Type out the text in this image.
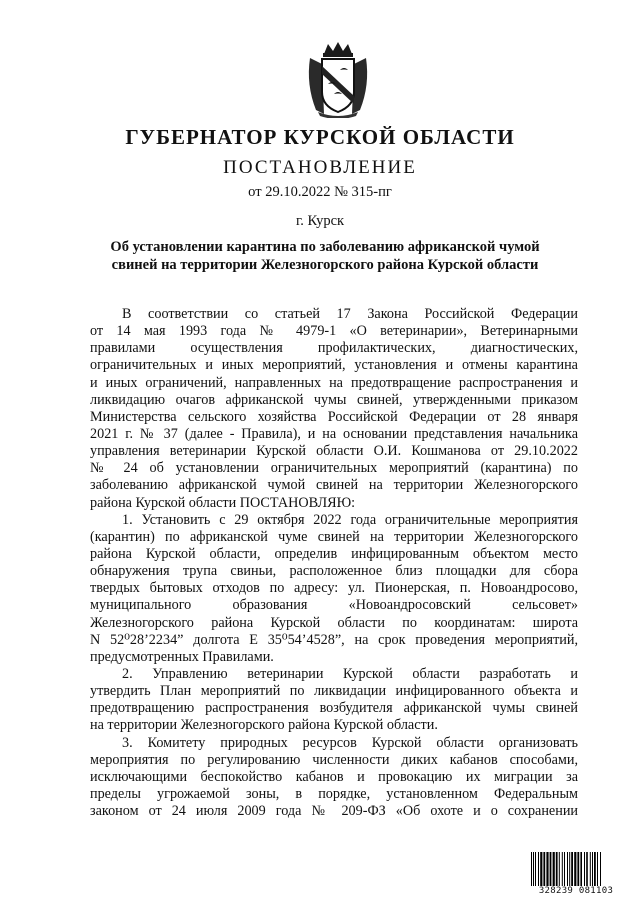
ГУБЕРНАТОР КУРСКОЙ ОБЛАСТИ
ПОСТАНОВЛЕНИЕ
от 29.10.2022 № 315-пг
г. Курск
Об установлении карантина по заболеванию африканской чумой
свиней на территории Железногорского района Курской области
В соответствии со статьей 17 Закона Российской Федерации
от 14 мая 1993 года № 4979-1 «О ветеринарии», Ветеринарными
правилами осуществления профилактических, диагностических,
ограничительных и иных мероприятий, установления и отмены карантина
и иных ограничений, направленных на предотвращение распространения и
ликвидацию очагов африканской чумы свиней, утвержденными приказом
Министерства сельского хозяйства Российской Федерации от 28 января
2021 г. № 37 (далее - Правила), и на основании представления начальника
управления ветеринарии Курской области О.И. Кошманова от 29.10.2022
№ 24 об установлении ограничительных мероприятий (карантина) по
заболеванию африканской чумой свиней на территории Железногорского
района Курской области ПОСТАНОВЛЯЮ:
1. Установить с 29 октября 2022 года ограничительные мероприятия
(карантин) по африканской чуме свиней на территории Железногорского
района Курской области, определив инфицированным объектом место
обнаружения трупа свиньи, расположенное близ площадки для сбора
твердых бытовых отходов по адресу: ул. Пионерская, п. Новоандросово,
муниципального образования «Новоандросовский сельсовет»
Железногорского района Курской области по координатам: широта
N 52⁰28’2234” долгота E 35⁰54’4528”, на срок проведения мероприятий,
предусмотренных Правилами.
2. Управлению ветеринарии Курской области разработать и
утвердить План мероприятий по ликвидации инфицированного объекта и
предотвращению распространения возбудителя африканской чумы свиней
на территории Железногорского района Курской области.
3. Комитету природных ресурсов Курской области организовать
мероприятия по регулированию численности диких кабанов способами,
исключающими беспокойство кабанов и провокацию их миграции за
пределы угрожаемой зоны, в порядке, установленном Федеральным
законом от 24 июля 2009 года № 209-ФЗ «Об охоте и о сохранении
328239 081103
